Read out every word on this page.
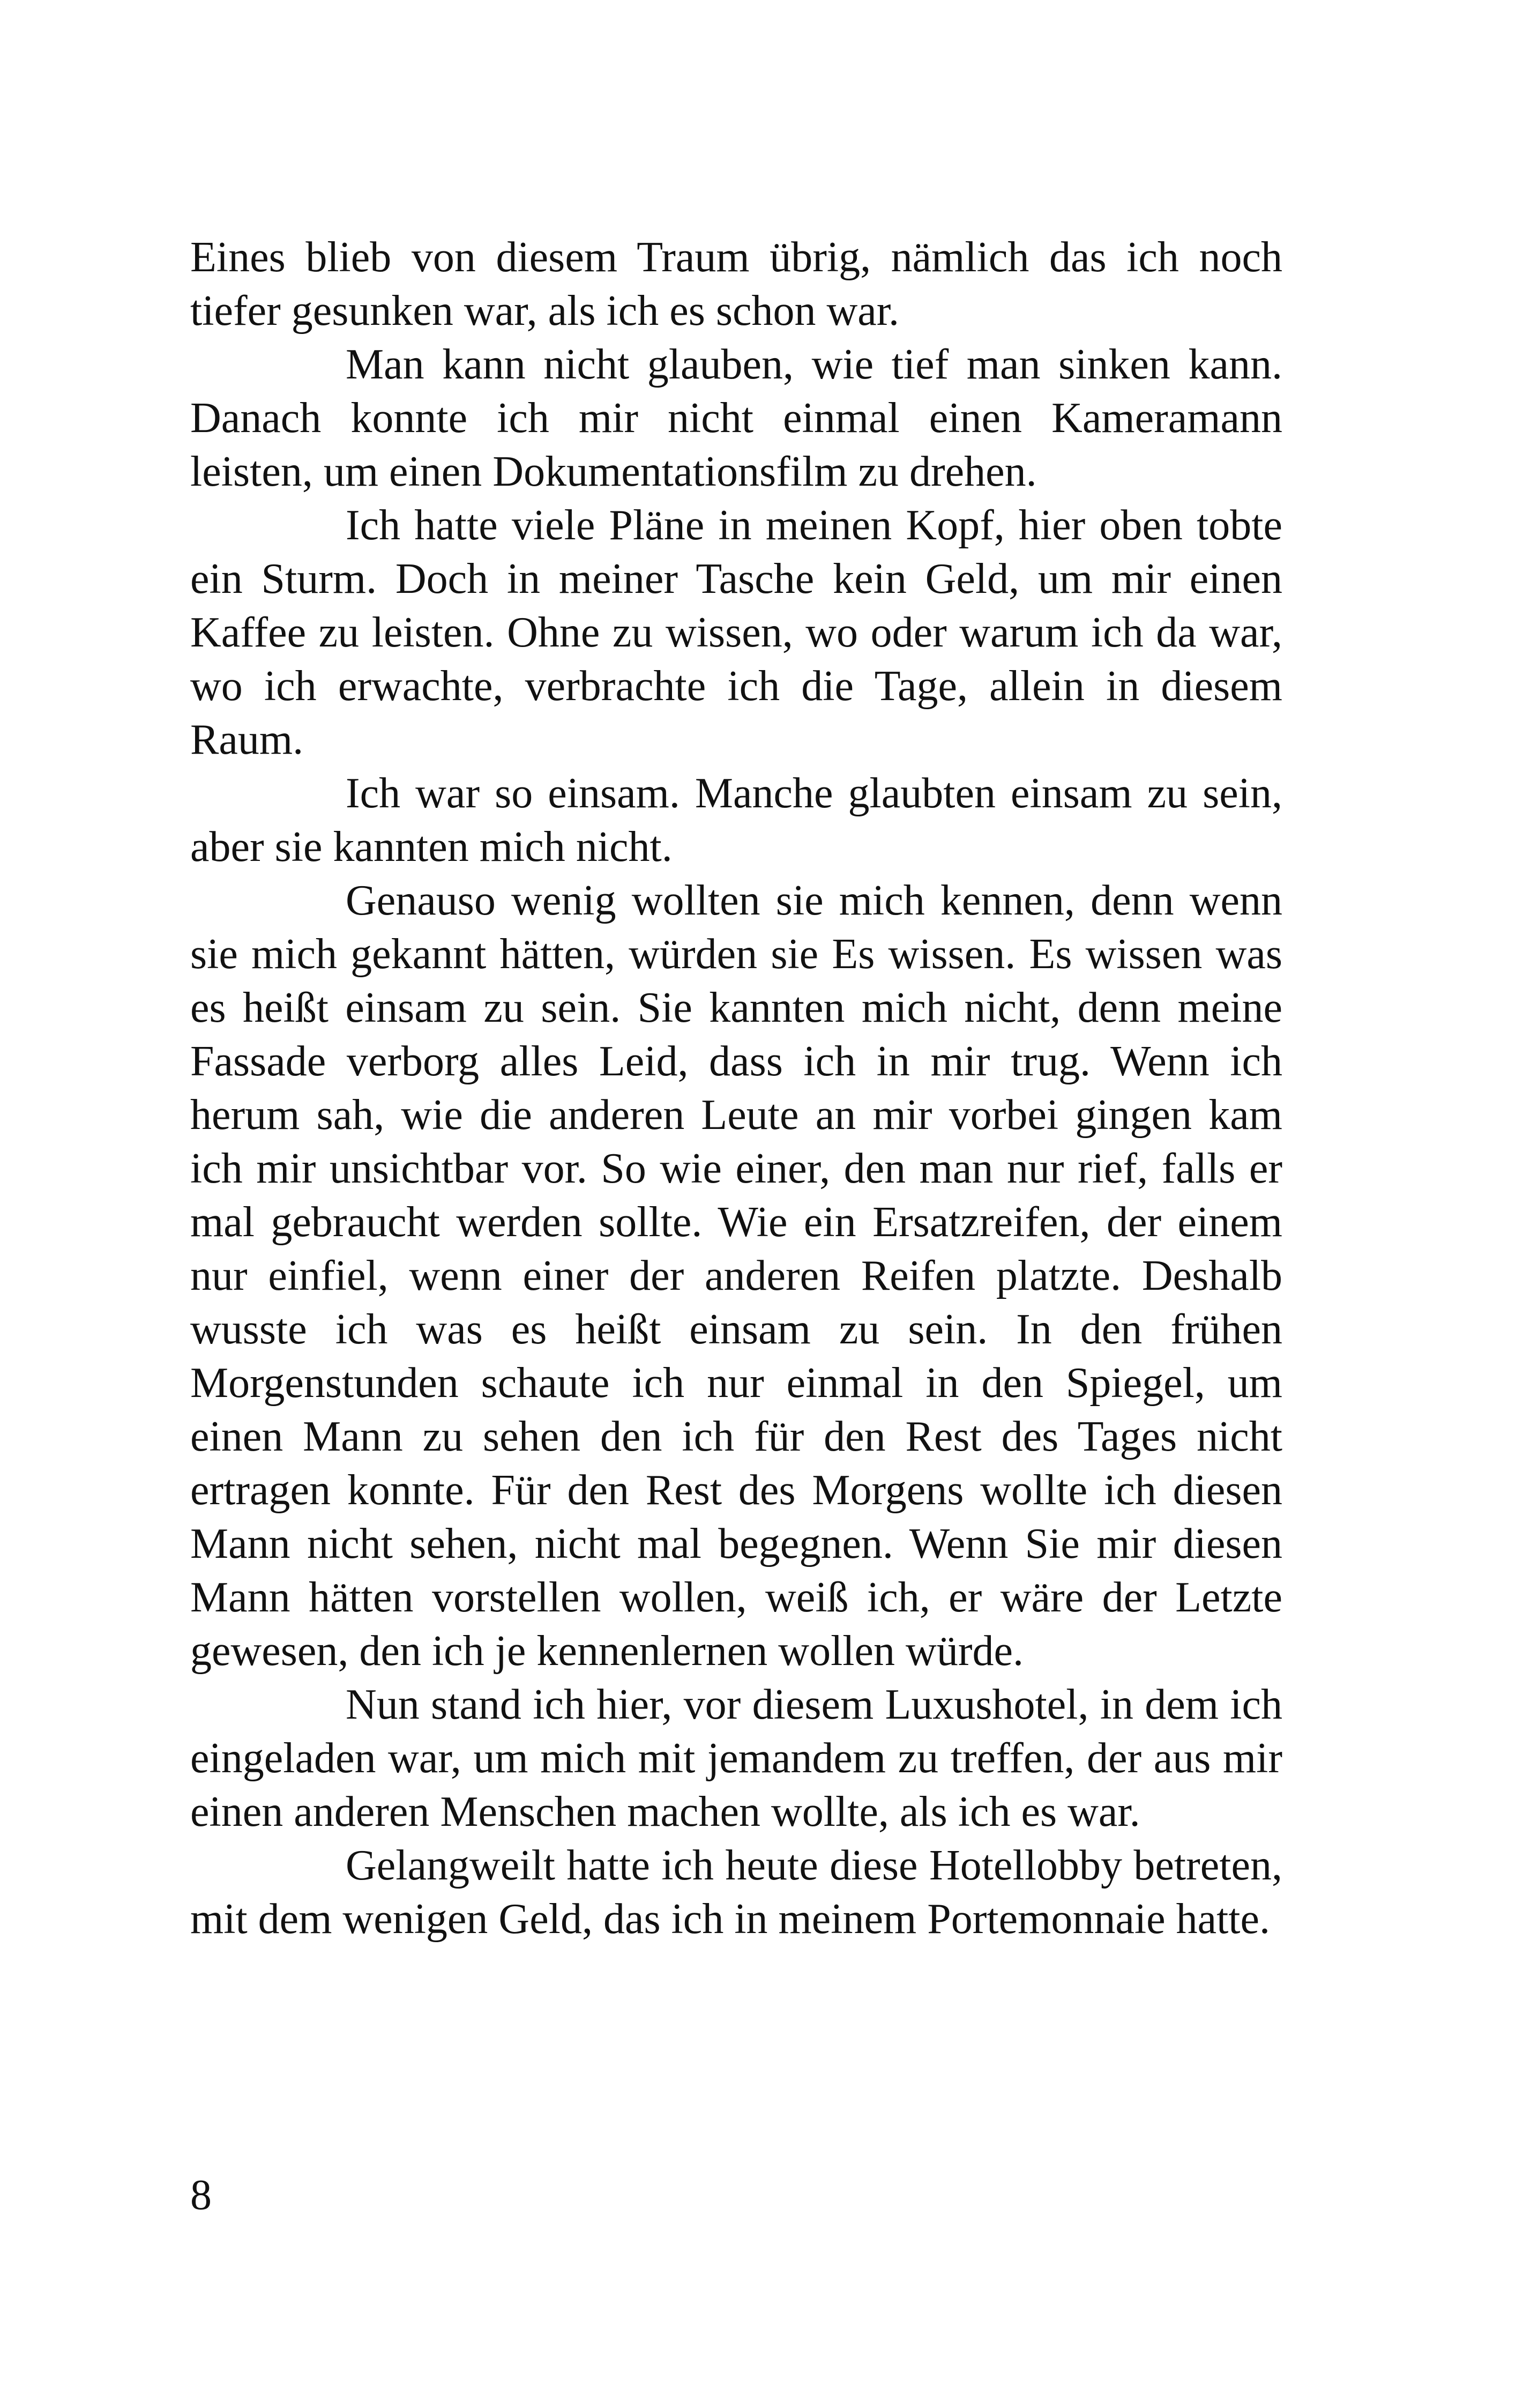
Eines blieb von diesem Traum übrig, nämlich das ich noch tiefer gesunken war, als ich es schon war.

Man kann nicht glauben, wie tief man sinken kann. Danach konnte ich mir nicht einmal einen Kameramann leisten, um einen Dokumentationsfilm zu drehen.

Ich hatte viele Pläne in meinen Kopf, hier oben tobte ein Sturm. Doch in meiner Tasche kein Geld, um mir einen Kaffee zu leisten. Ohne zu wissen, wo oder warum ich da war, wo ich erwachte, verbrachte ich die Tage, allein in diesem Raum.

Ich war so einsam. Manche glaubten einsam zu sein, aber sie kannten mich nicht.

Genauso wenig wollten sie mich kennen, denn wenn sie mich gekannt hätten, würden sie Es wissen. Es wissen was es heißt einsam zu sein. Sie kannten mich nicht, denn meine Fassade verborg alles Leid, dass ich in mir trug. Wenn ich herum sah, wie die anderen Leute an mir vorbei gingen kam ich mir unsichtbar vor. So wie einer, den man nur rief, falls er mal gebraucht werden sollte. Wie ein Ersatzreifen, der einem nur einfiel, wenn einer der anderen Reifen platzte. Deshalb wusste ich was es heißt einsam zu sein. In den frühen Morgenstunden schaute ich nur einmal in den Spiegel, um einen Mann zu sehen den ich für den Rest des Tages nicht ertragen konnte. Für den Rest des Morgens wollte ich diesen Mann nicht sehen, nicht mal begegnen. Wenn Sie mir diesen Mann hätten vorstellen wollen, weiß ich, er wäre der Letzte gewesen, den ich je kennenlernen wollen würde.

Nun stand ich hier, vor diesem Luxushotel, in dem ich eingeladen war, um mich mit jemandem zu treffen, der aus mir einen anderen Menschen machen wollte, als ich es war.

Gelangweilt hatte ich heute diese Hotellobby betreten, mit dem wenigen Geld, das ich in meinem Portemonnaie hatte.

8
